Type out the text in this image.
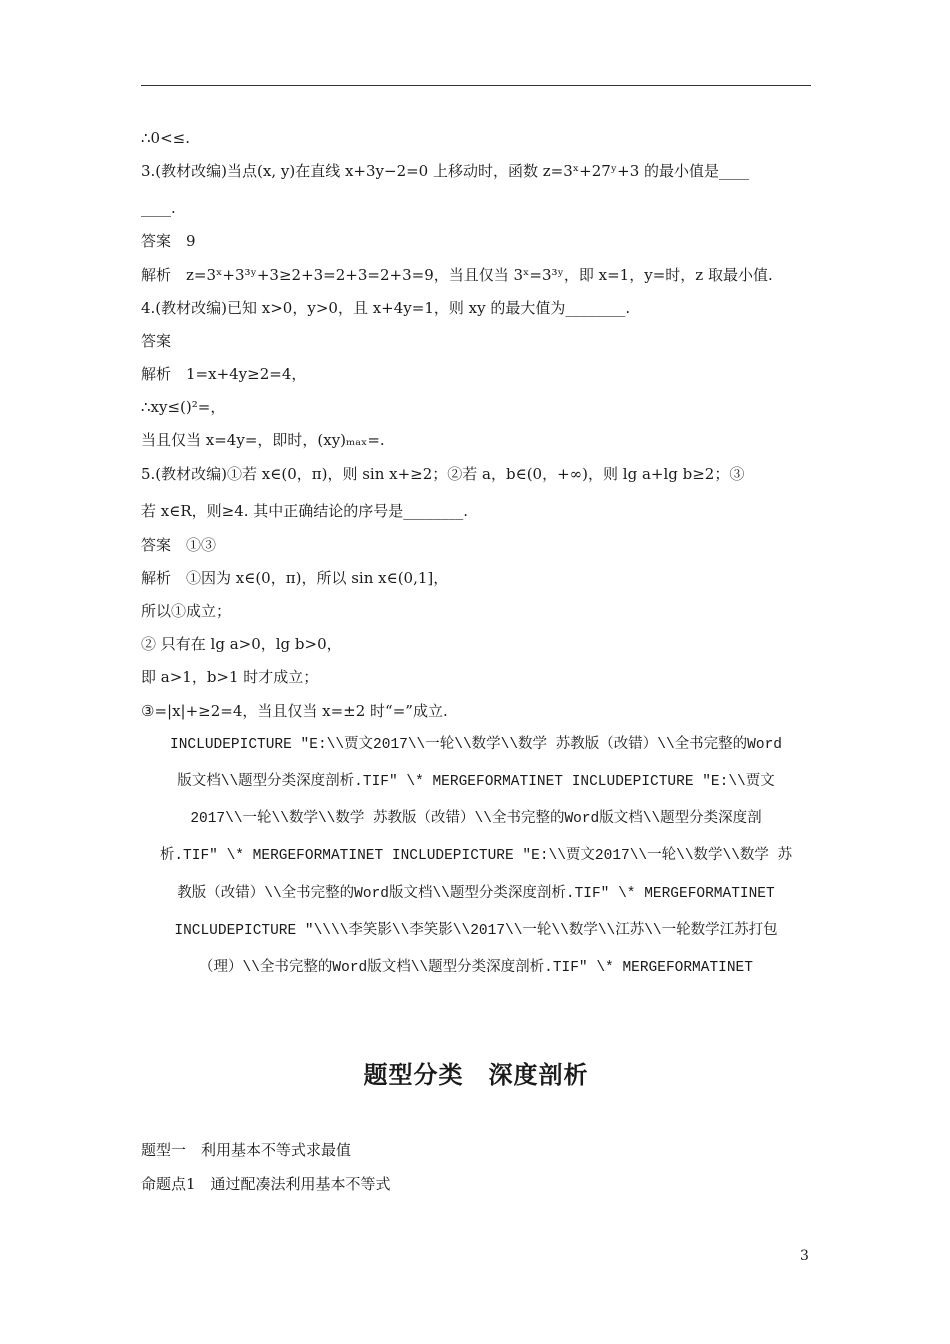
∴0<≤.
3.(教材改编)当点(x, y)在直线 x+3y−2=0 上移动时，函数 z=3ˣ+27ʸ+3 的最小值是____
____.
答案　9
解析　z=3ˣ+3³ʸ+3≥2+3=2+3=2+3=9，当且仅当 3ˣ=3³ʸ，即 x=1，y=时，z 取最小值.
4.(教材改编)已知 x>0，y>0，且 x+4y=1，则 xy 的最大值为________.
答案
解析　1=x+4y≥2=4，
∴xy≤()²=，
当且仅当 x=4y=，即时，(xy)ₘₐₓ=.
5.(教材改编)①若 x∈(0，π)，则 sin x+≥2；②若 a，b∈(0，+∞)，则 lg a+lg b≥2；③
若 x∈R，则≥4. 其中正确结论的序号是________.
答案　①③
解析　①因为 x∈(0，π)，所以 sin x∈(0,1]，
所以①成立；
② 只有在 lg a>0，lg b>0，
即 a>1，b>1 时才成立；
③=|x|+≥2=4，当且仅当 x=±2 时“=”成立.
INCLUDEPICTURE "E:\\贾文2017\\一轮\\数学\\数学 苏教版（改错）\\全书完整的Word
版文档\\题型分类深度剖析.TIF" \* MERGEFORMATINET INCLUDEPICTURE "E:\\贾文
2017\\一轮\\数学\\数学 苏教版（改错）\\全书完整的Word版文档\\题型分类深度剖
析.TIF" \* MERGEFORMATINET INCLUDEPICTURE "E:\\贾文2017\\一轮\\数学\\数学 苏
教版（改错）\\全书完整的Word版文档\\题型分类深度剖析.TIF" \* MERGEFORMATINET
INCLUDEPICTURE "\\\\李笑影\\李笑影\\2017\\一轮\\数学\\江苏\\一轮数学江苏打包
（理）\\全书完整的Word版文档\\题型分类深度剖析.TIF" \* MERGEFORMATINET
题型分类　深度剖析
题型一　利用基本不等式求最值
命题点1　通过配凑法利用基本不等式
3
